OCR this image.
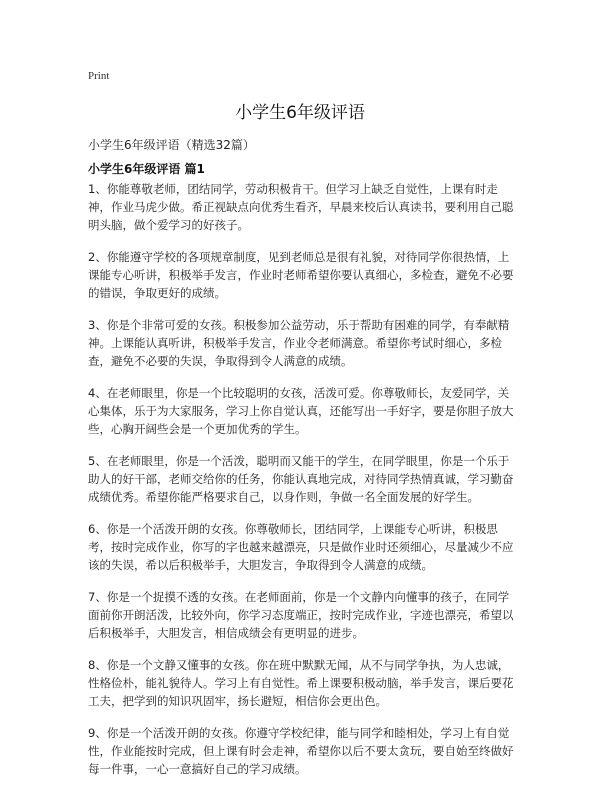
Print
小学生6年级评语
小学生6年级评语（精选32篇）
小学生6年级评语 篇1

1、你能尊敬老师，团结同学，劳动积极肯干。但学习上缺乏自觉性，上课有时走神，作业马虎少做。希正视缺点向优秀生看齐，早晨来校后认真读书，要利用自己聪明头脑，做个爱学习的好孩子。

2、你能遵守学校的各项规章制度，见到老师总是很有礼貌，对待同学你很热情，上课能专心听讲，积极举手发言，作业时老师希望你要认真细心，多检查，避免不必要的错误，争取更好的成绩。

3、你是个非常可爱的女孩。积极参加公益劳动，乐于帮助有困难的同学，有奉献精神。上课能认真听讲，积极举手发言，作业令老师满意。希望你考试时细心，多检查，避免不必要的失误，争取得到令人满意的成绩。

4、在老师眼里，你是一个比较聪明的女孩，活泼可爱。你尊敬师长，友爱同学，关心集体，乐于为大家服务，学习上你自觉认真，还能写出一手好字，要是你胆子放大些，心胸开阔些会是一个更加优秀的学生。

5、在老师眼里，你是一个活泼，聪明而又能干的学生，在同学眼里，你是一个乐于助人的好干部，老师交给你的任务，你能认真地完成，对待同学热情真诚，学习勤奋成绩优秀。希望你能严格要求自己，以身作则，争做一名全面发展的好学生。

6、你是一个活泼开朗的女孩。你尊敬师长，团结同学，上课能专心听讲，积极思考，按时完成作业，你写的字也越来越漂亮，只是做作业时还须细心，尽量减少不应该的失误，希以后积极举手，大胆发言，争取得到令人满意的成绩。

7、你是一个捉摸不透的女孩。在老师面前，你是一个文静内向懂事的孩子，在同学面前你开朗活泼，比较外向，你学习态度端正，按时完成作业，字迹也漂亮，希望以后积极举手，大胆发言，相信成绩会有更明显的进步。

8、你是一个文静又懂事的女孩。你在班中默默无闻，从不与同学争执，为人忠诚，性格俭朴，能礼貌待人。学习上有自觉性。希上课要积极动脑，举手发言，课后要花工夫，把学到的知识巩固牢，扬长避短，相信你会更出色。

9、你是一个活泼开朗的女孩。你遵守学校纪律，能与同学和睦相处，学习上有自觉性，作业能按时完成，但上课有时会走神，希望你以后不要太贪玩，要自始至终做好每一件事，一心一意搞好自己的学习成绩。
